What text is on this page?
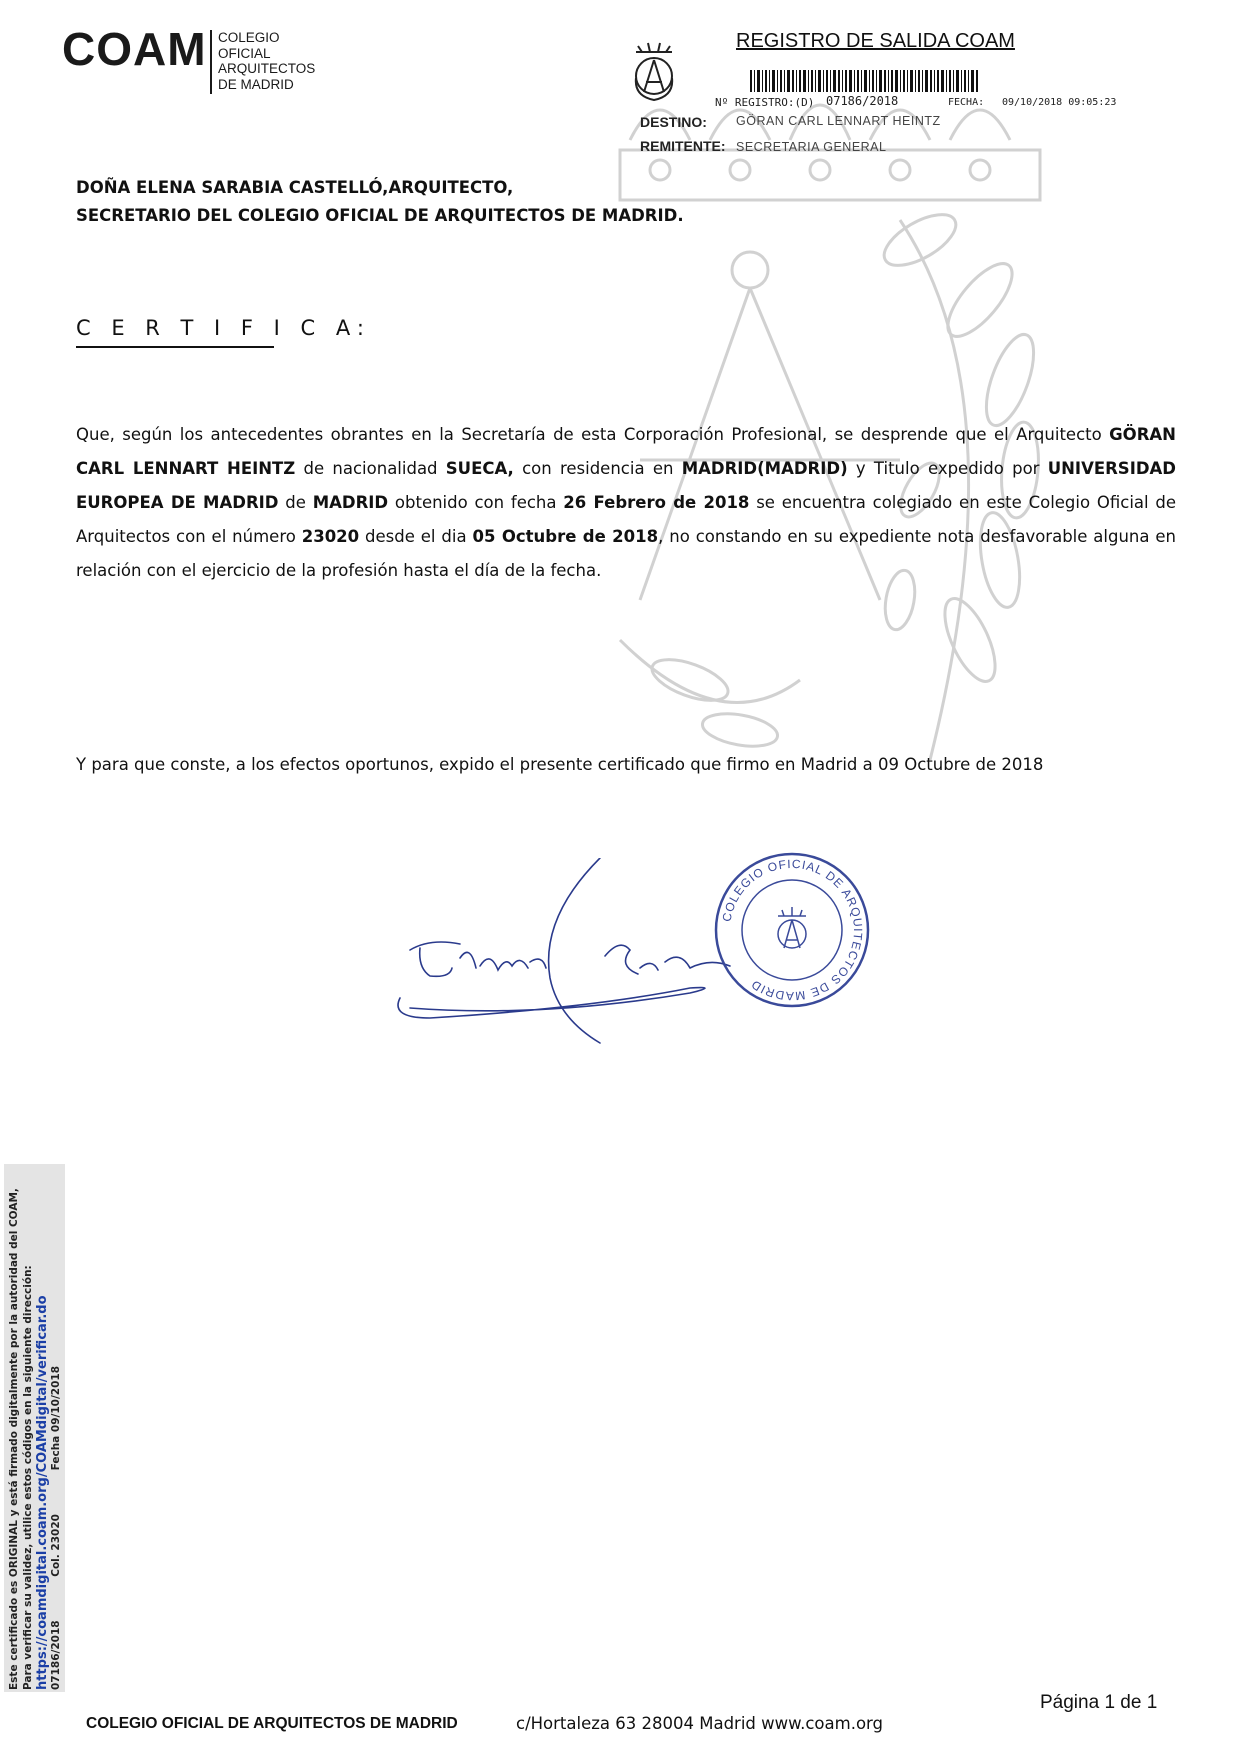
COAM COLEGIO
OFICIAL
ARQUITECTOS
DE MADRID
REGISTRO DE SALIDA COAM
Nº REGISTRO:(D) 07186/2018	FECHA: 09/10/2018 09:05:23
DESTINO: GÖRAN CARL LENNART HEINTZ
REMITENTE: SECRETARIA GENERAL
DOÑA ELENA SARABIA CASTELLÓ,ARQUITECTO,
SECRETARIO DEL COLEGIO OFICIAL DE ARQUITECTOS DE MADRID.
C E R T I F I C A:
Que, según los antecedentes obrantes en la Secretaría de esta Corporación Profesional, se desprende que el Arquitecto GÖRAN CARL LENNART HEINTZ de nacionalidad SUECA, con residencia en MADRID(MADRID) y Titulo expedido por UNIVERSIDAD EUROPEA DE MADRID de MADRID obtenido con fecha 26 Febrero de 2018 se encuentra colegiado en este Colegio Oficial de Arquitectos con el número 23020 desde el dia 05 Octubre de 2018, no constando en su expediente nota desfavorable alguna en relación con el ejercicio de la profesión hasta el día de la fecha.
Y para que conste, a los efectos oportunos, expido el presente certificado que firmo en Madrid a 09 Octubre de 2018
COLEGIO OFICIAL DE ARQUITECTOS DE MADRID
Este certificado es ORIGINAL y está firmado digitalmente por la autoridad del COAM, Para verificar su validez, utilice estos códigos en la siguiente dirección: https://coamdigital.coam.org/COAMdigital/verificar.do 07186/2018 Col. 23020 Fecha 09/10/2018
Página 1 de 1
COLEGIO OFICIAL DE ARQUITECTOS DE MADRID	c/Hortaleza 63 28004 Madrid www.coam.org
